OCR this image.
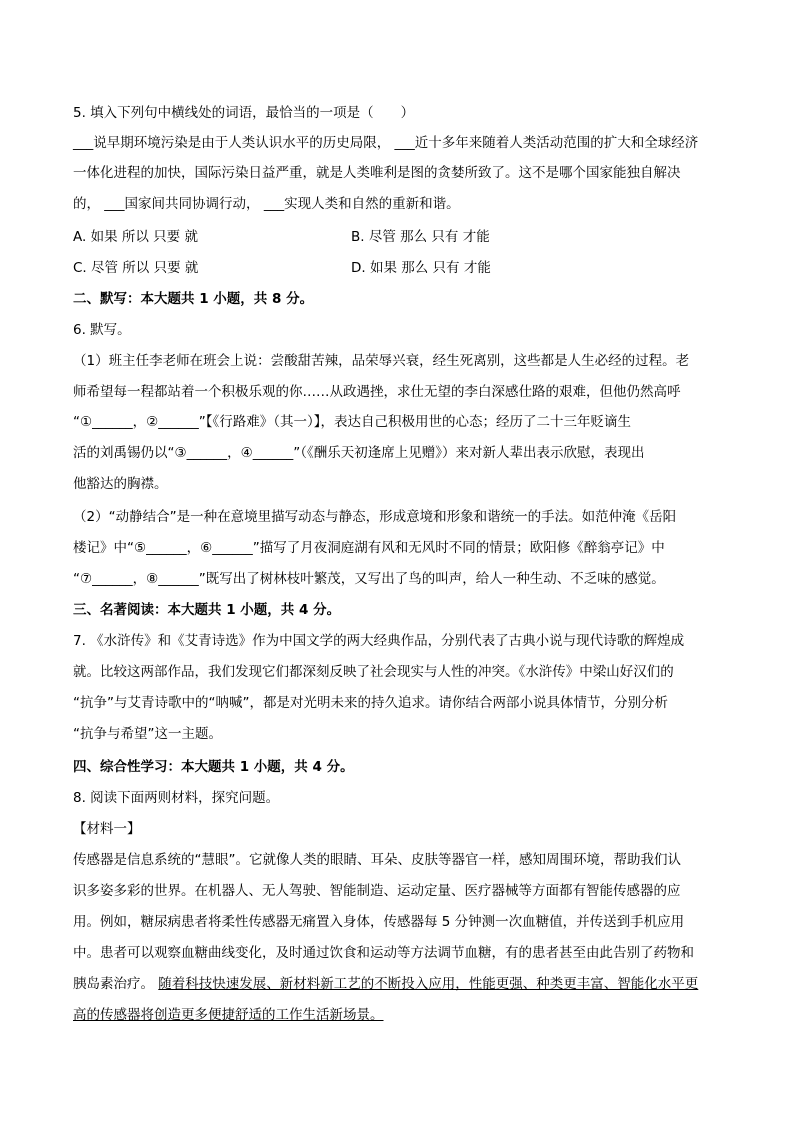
5. 填入下列句中横线处的词语，最恰当的一项是（　　）
___说早期环境污染是由于人类认识水平的历史局限， ___近十多年来随着人类活动范围的扩大和全球经济
一体化进程的加快，国际污染日益严重，就是人类唯利是图的贪婪所致了。这不是哪个国家能独自解决
的， ___国家间共同协调行动， ___实现人类和自然的重新和谐。
A. 如果 所以 只要 就	B. 尽管 那么 只有 才能
C. 尽管 所以 只要 就	D. 如果 那么 只有 才能
二、默写：本大题共 1 小题，共 8 分。
6. 默写。
（1）班主任李老师在班会上说：尝酸甜苦辣，品荣辱兴衰，经生死离别，这些都是人生必经的过程。老
师希望每一程都站着一个积极乐观的你……从政遇挫，求仕无望的李白深感仕路的艰难，但他仍然高呼
“①______，②______”【《行路难》（其一）】，表达自己积极用世的心态；经历了二十三年贬谪生
活的刘禹锡仍以“③______，④______”（《酬乐天初逢席上见赠》）来对新人辈出表示欣慰，表现出
他豁达的胸襟。
（2）“动静结合”是一种在意境里描写动态与静态，形成意境和形象和谐统一的手法。如范仲淹《岳阳
楼记》中“⑤______，⑥______”描写了月夜洞庭湖有风和无风时不同的情景；欧阳修《醉翁亭记》中
“⑦______，⑧______”既写出了树林枝叶繁茂，又写出了鸟的叫声，给人一种生动、不乏味的感觉。
三、名著阅读：本大题共 1 小题，共 4 分。
7. 《水浒传》和《艾青诗选》作为中国文学的两大经典作品，分别代表了古典小说与现代诗歌的辉煌成
就。比较这两部作品，我们发现它们都深刻反映了社会现实与人性的冲突。《水浒传》中梁山好汉们的
“抗争”与艾青诗歌中的“呐喊”，都是对光明未来的持久追求。请你结合两部小说具体情节，分别分析
“抗争与希望”这一主题。
四、综合性学习：本大题共 1 小题，共 4 分。
8. 阅读下面两则材料，探究问题。
【材料一】
传感器是信息系统的“慧眼”。它就像人类的眼睛、耳朵、皮肤等器官一样，感知周围环境，帮助我们认
识多姿多彩的世界。在机器人、无人驾驶、智能制造、运动定量、医疗器械等方面都有智能传感器的应
用。例如，糖尿病患者将柔性传感器无痛置入身体，传感器每 5 分钟测一次血糖值，并传送到手机应用
中。患者可以观察血糖曲线变化，及时通过饮食和运动等方法调节血糖，有的患者甚至由此告别了药物和
胰岛素治疗。 随着科技快速发展、新材料新工艺的不断投入应用，性能更强、种类更丰富、智能化水平更
高的传感器将创造更多便捷舒适的工作生活新场景。
